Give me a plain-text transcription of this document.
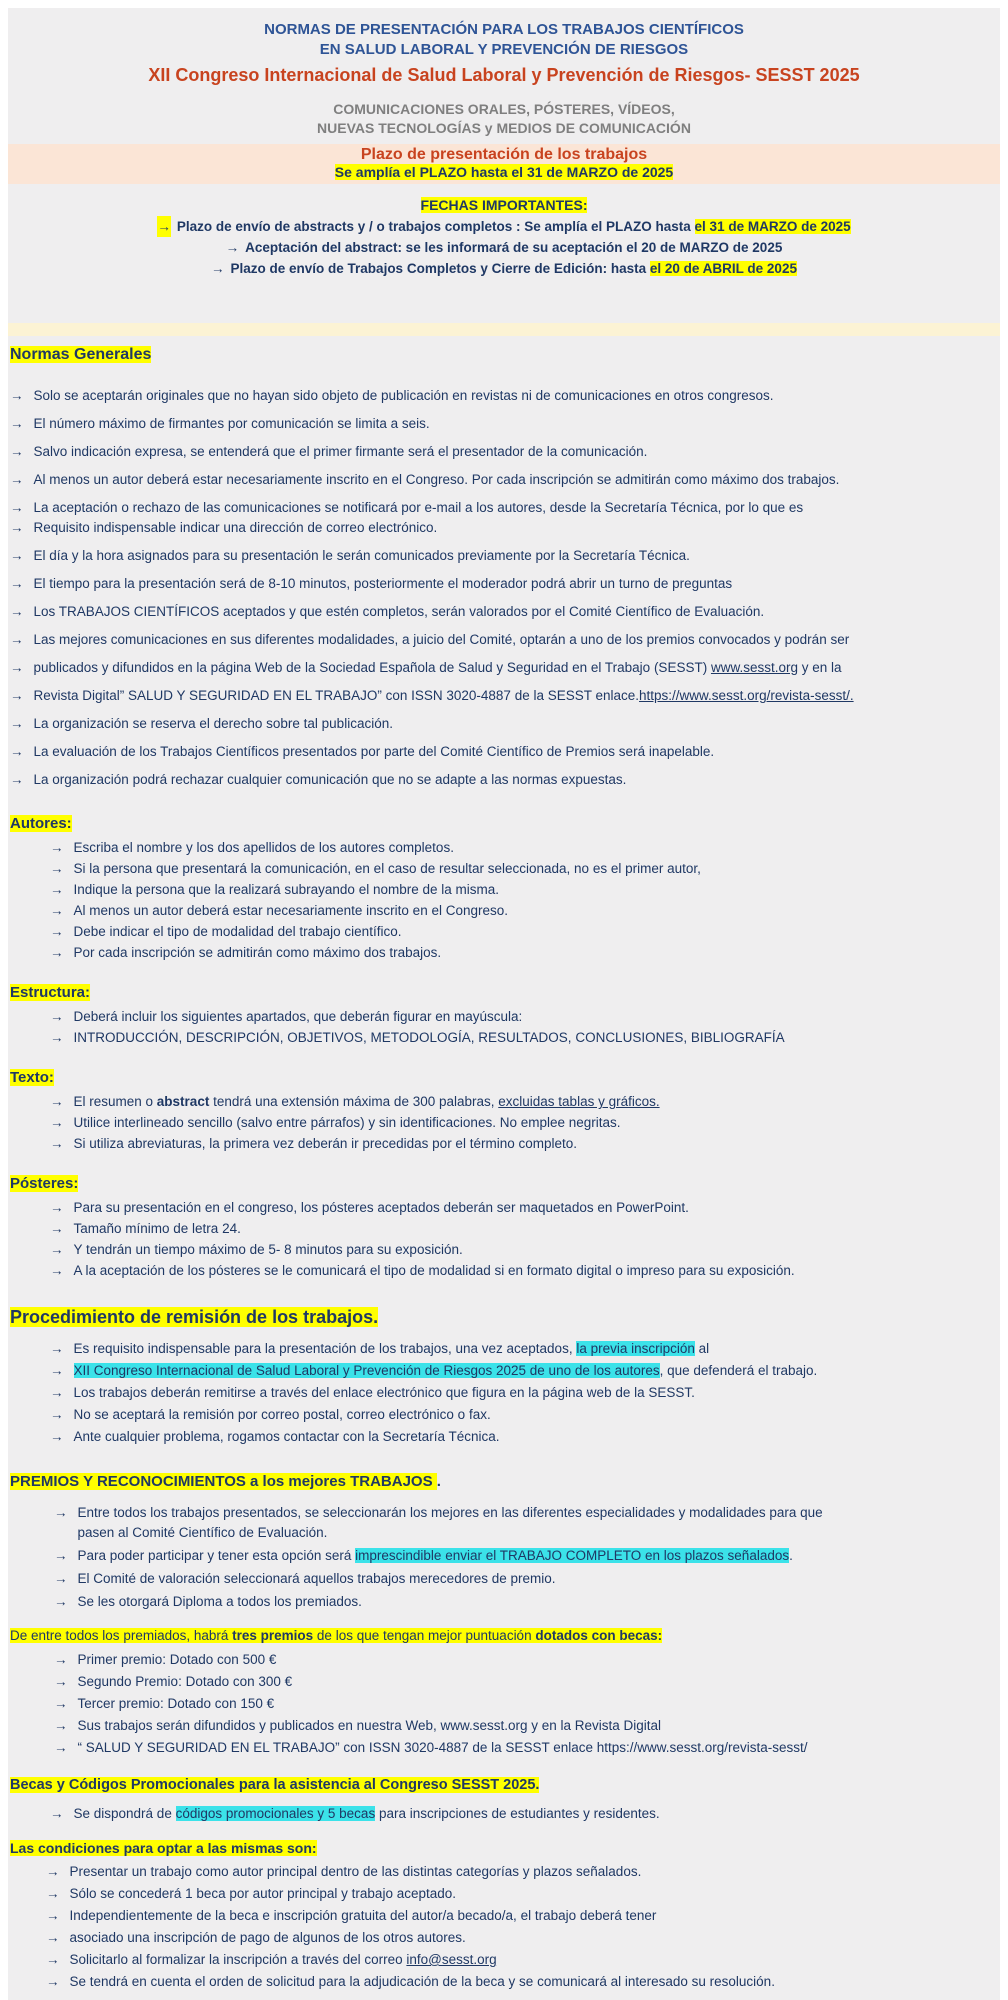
NORMAS DE PRESENTACIÓN PARA LOS TRABAJOS CIENTÍFICOS
EN SALUD LABORAL Y PREVENCIÓN DE RIESGOS
XII Congreso Internacional de Salud Laboral y Prevención de Riesgos- SESST 2025
COMUNICACIONES ORALES, PÓSTERES, VÍDEOS,
NUEVAS TECNOLOGÍAS y MEDIOS DE COMUNICACIÓN
Plazo de presentación de los trabajos
Se amplía el PLAZO hasta el 31 de MARZO de 2025
FECHAS IMPORTANTES:
→ Plazo de envío de abstracts y / o trabajos completos : Se amplía el PLAZO hasta el 31 de MARZO de 2025
→ Aceptación del abstract: se les informará de su aceptación el 20 de MARZO de 2025
→ Plazo de envío de Trabajos Completos y Cierre de Edición: hasta el 20 de ABRIL de 2025
Normas Generales
→ Solo se aceptarán originales que no hayan sido objeto de publicación en revistas ni de comunicaciones en otros congresos.
→ El número máximo de firmantes por comunicación se limita a seis.
→ Salvo indicación expresa, se entenderá que el primer firmante será el presentador de la comunicación.
→ Al menos un autor deberá estar necesariamente inscrito en el Congreso. Por cada inscripción se admitirán como máximo dos trabajos.
→ La aceptación o rechazo de las comunicaciones se notificará por e-mail a los autores, desde la Secretaría Técnica, por lo que es
→ Requisito indispensable indicar una dirección de correo electrónico.
→ El día y la hora asignados para su presentación le serán comunicados previamente por la Secretaría Técnica.
→ El tiempo para la presentación será de 8-10 minutos, posteriormente el moderador podrá abrir un turno de preguntas
→ Los TRABAJOS CIENTÍFICOS aceptados y que estén completos, serán valorados por el Comité Científico de Evaluación.
→ Las mejores comunicaciones en sus diferentes modalidades, a juicio del Comité, optarán a uno de los premios convocados y podrán ser
→ publicados y difundidos en la página Web de la Sociedad Española de Salud y Seguridad en el Trabajo (SESST) www.sesst.org y en la
→ Revista Digital” SALUD Y SEGURIDAD EN EL TRABAJO” con ISSN 3020-4887 de la SESST enlace.https://www.sesst.org/revista-sesst/.
→ La organización se reserva el derecho sobre tal publicación.
→ La evaluación de los Trabajos Científicos presentados por parte del Comité Científico de Premios será inapelable.
→ La organización podrá rechazar cualquier comunicación que no se adapte a las normas expuestas.
Autores:
→ Escriba el nombre y los dos apellidos de los autores completos.
→ Si la persona que presentará la comunicación, en el caso de resultar seleccionada, no es el primer autor,
→ Indique la persona que la realizará subrayando el nombre de la misma.
→ Al menos un autor deberá estar necesariamente inscrito en el Congreso.
→ Debe indicar el tipo de modalidad del trabajo científico.
→ Por cada inscripción se admitirán como máximo dos trabajos.
Estructura:
→ Deberá incluir los siguientes apartados, que deberán figurar en mayúscula:
→ INTRODUCCIÓN, DESCRIPCIÓN, OBJETIVOS, METODOLOGÍA, RESULTADOS, CONCLUSIONES, BIBLIOGRAFÍA
Texto:
→ El resumen o abstract tendrá una extensión máxima de 300 palabras, excluidas tablas y gráficos.
→ Utilice interlineado sencillo (salvo entre párrafos) y sin identificaciones. No emplee negritas.
→ Si utiliza abreviaturas, la primera vez deberán ir precedidas por el término completo.
Pósteres:
→ Para su presentación en el congreso, los pósteres aceptados deberán ser maquetados en PowerPoint.
→ Tamaño mínimo de letra 24.
→ Y tendrán un tiempo máximo de 5- 8 minutos para su exposición.
→ A la aceptación de los pósteres se le comunicará el tipo de modalidad si en formato digital o impreso para su exposición.
Procedimiento de remisión de los trabajos.
→ Es requisito indispensable para la presentación de los trabajos, una vez aceptados, la previa inscripción al
→ XII Congreso Internacional de Salud Laboral y Prevención de Riesgos 2025 de uno de los autores, que defenderá el trabajo.
→ Los trabajos deberán remitirse a través del enlace electrónico que figura en la página web de la SESST.
→ No se aceptará la remisión por correo postal, correo electrónico o fax.
→ Ante cualquier problema, rogamos contactar con la Secretaría Técnica.
PREMIOS Y RECONOCIMIENTOS a los mejores TRABAJOS .
→ Entre todos los trabajos presentados, se seleccionarán los mejores en las diferentes especialidades y modalidades para que
pasen al Comité Científico de Evaluación.
→ Para poder participar y tener esta opción será imprescindible enviar el TRABAJO COMPLETO en los plazos señalados.
→ El Comité de valoración seleccionará aquellos trabajos merecedores de premio.
→ Se les otorgará Diploma a todos los premiados.
De entre todos los premiados, habrá tres premios de los que tengan mejor puntuación dotados con becas:
→ Primer premio: Dotado con 500 €
→ Segundo Premio: Dotado con 300 €
→ Tercer premio: Dotado con 150 €
→ Sus trabajos serán difundidos y publicados en nuestra Web, www.sesst.org y en la Revista Digital
→ “ SALUD Y SEGURIDAD EN EL TRABAJO” con ISSN 3020-4887 de la SESST enlace https://www.sesst.org/revista-sesst/
Becas y Códigos Promocionales para la asistencia al Congreso SESST 2025.
→ Se dispondrá de códigos promocionales y 5 becas para inscripciones de estudiantes y residentes.
Las condiciones para optar a las mismas son:
→ Presentar un trabajo como autor principal dentro de las distintas categorías y plazos señalados.
→ Sólo se concederá 1 beca por autor principal y trabajo aceptado.
→ Independientemente de la beca e inscripción gratuita del autor/a becado/a, el trabajo deberá tener
→ asociado una inscripción de pago de algunos de los otros autores.
→ Solicitarlo al formalizar la inscripción a través del correo info@sesst.org
→ Se tendrá en cuenta el orden de solicitud para la adjudicación de la beca y se comunicará al interesado su resolución.
